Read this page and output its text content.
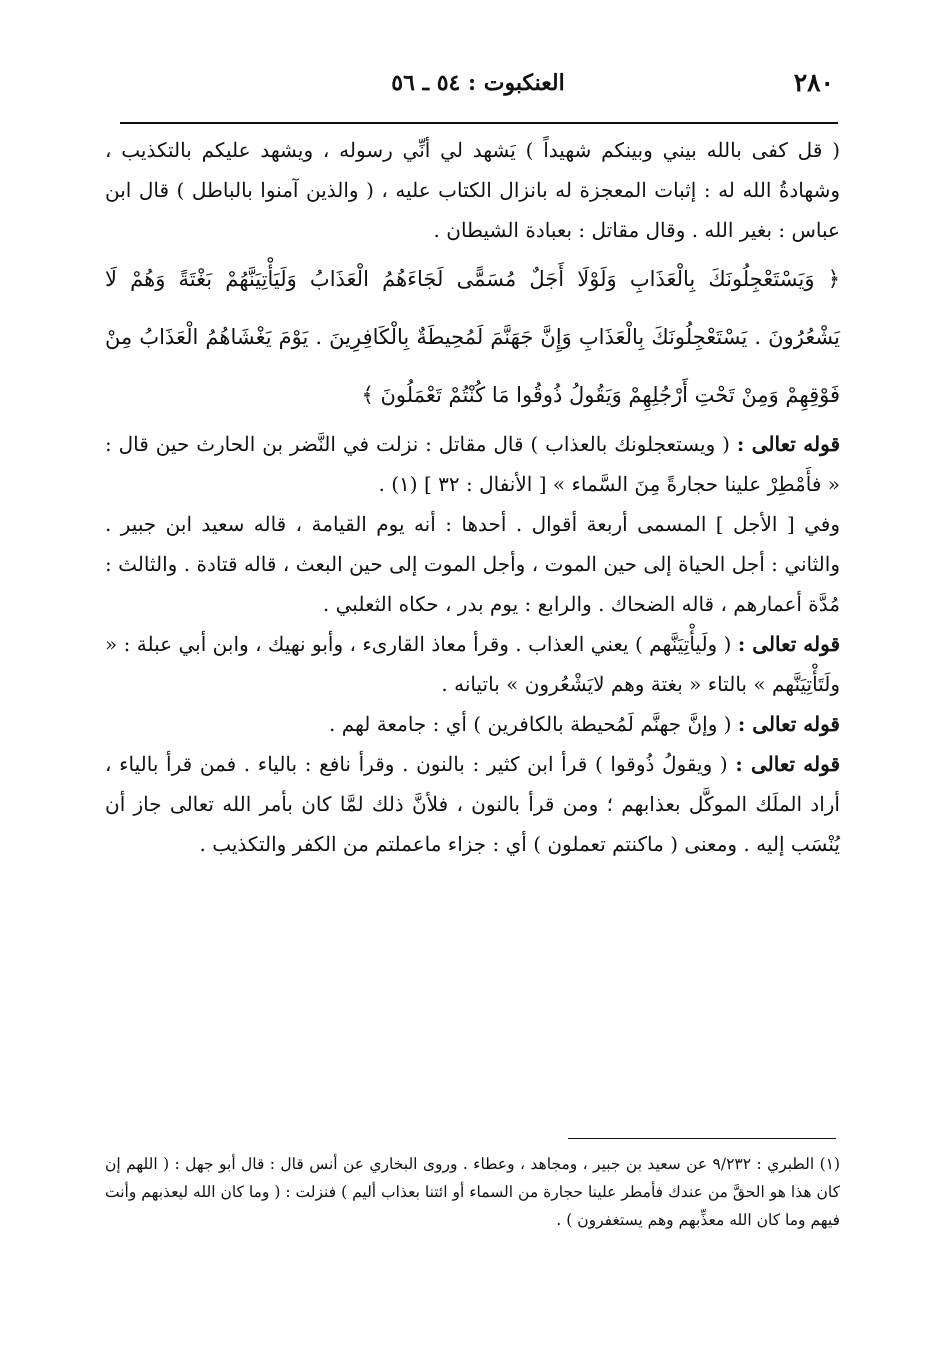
٢٨٠
العنكبوت : ٥٤ ـ ٥٦

( قل كفى بالله بيني وبينكم شهيداً ) يَشهد لي أنِّي رسوله ، ويشهد عليكم بالتكذيب ، وشهادةُ الله له : إثبات المعجزة له بانزال الكتاب عليه ، ( والذين آمنوا بالباطل ) قال ابن عباس : بغير الله . وقال مقاتل : بعبادة الشيطان .

﴿ وَيَسْتَعْجِلُونَكَ بِالْعَذَابِ وَلَوْلَا أَجَلٌ مُسَمًّى لَجَاءَهُمُ الْعَذَابُ وَلَيَأْتِيَنَّهُمْ بَغْتَةً وَهُمْ لَا يَشْعُرُونَ . يَسْتَعْجِلُونَكَ بِالْعَذَابِ وَإِنَّ جَهَنَّمَ لَمُحِيطَةٌ بِالْكَافِرِينَ . يَوْمَ يَغْشَاهُمُ الْعَذَابُ مِنْ فَوْقِهِمْ وَمِنْ تَحْتِ أَرْجُلِهِمْ وَيَقُولُ ذُوقُوا مَا كُنْتُمْ تَعْمَلُونَ ﴾

قوله تعالى : ( ويستعجلونك بالعذاب ) قال مقاتل : نزلت في النَّضر بن الحارث حين قال : « فأَمْطِرْ علينا حجارةً مِنَ السَّماء » [ الأنفال : ٣٢ ] (١) .

وفي [ الأجل ] المسمى أربعة أقوال . أحدها : أنه يوم القيامة ، قاله سعيد ابن جبير . والثاني : أجل الحياة إلى حين الموت ، وأجل الموت إلى حين البعث ، قاله قتادة . والثالث : مُدَّة أعمارهم ، قاله الضحاك . والرابع : يوم بدر ، حكاه الثعلبي .

قوله تعالى : ( ولَيأْتِيَنَّهم ) يعني العذاب . وقرأ معاذ القارىء ، وأبو نهيك ، وابن أبي عبلة : « ولَتَأْتِيَنَّهم » بالتاء « بغتة وهم لايَشْعُرون » باتيانه .

قوله تعالى : ( وإنَّ جهنَّم لَمُحيطة بالكافرين ) أي : جامعة لهم .

قوله تعالى : ( ويقولُ ذُوقوا ) قرأ ابن كثير : بالنون . وقرأ نافع : بالياء . فمن قرأ بالياء ، أراد الملَك الموكَّل بعذابهم ؛ ومن قرأ بالنون ، فلأنَّ ذلك لمَّا كان بأمر الله تعالى جاز أن يُنْسَب إليه . ومعنى ( ماكنتم تعملون ) أي : جزاء ماعملتم من الكفر والتكذيب .

(١) الطبري : ٩/٢٣٢ عن سعيد بن جبير ، ومجاهد ، وعطاء . وروى البخاري عن أنس قال : قال أبو جهل : ( اللهم إن كان هذا هو الحقَّ من عندك فأمطر علينا حجارة من السماء أو ائتنا بعذاب أليم ) فنزلت : ( وما كان الله ليعذبهم وأنت فيهم وما كان الله معذِّبهم وهم يستغفرون ) .
